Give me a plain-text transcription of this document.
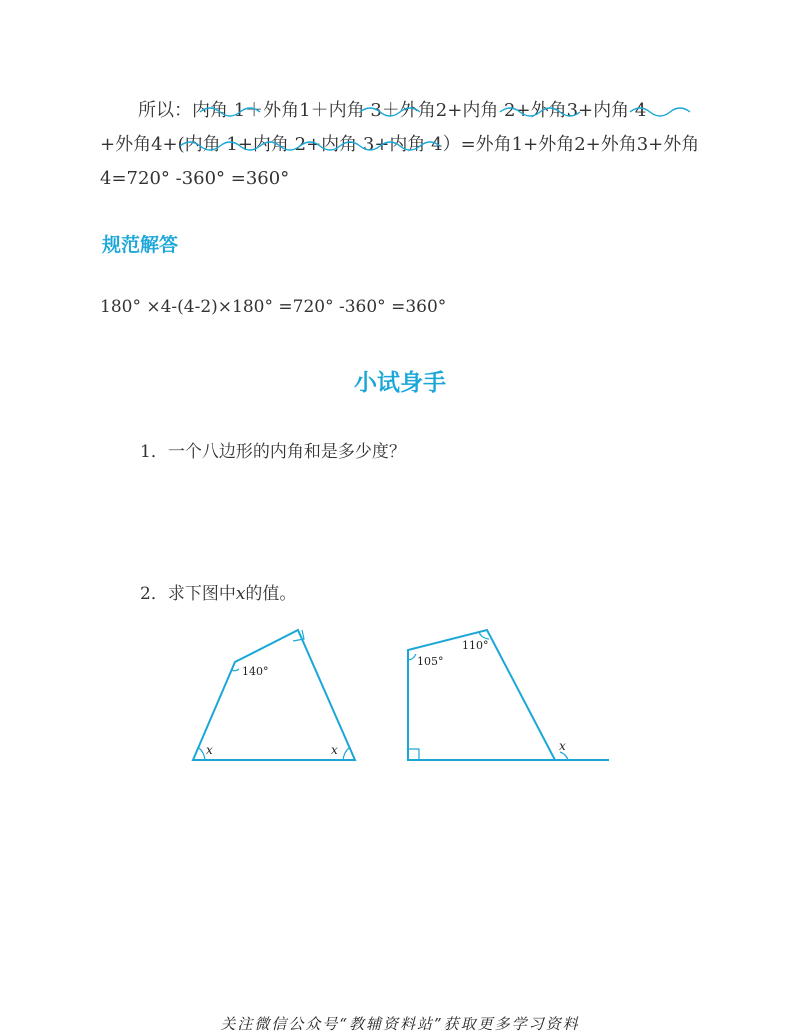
所以：内角 1＋外角1＋内角 3＋外角2+内角 2+外角3+内角 4
+外角4+(内角 1+内角 2+内角 3+内角 4）=外角1+外角2+外角3+外角
4=720° -360° =360°
规范解答
180° ×4-(4-2)×180° =720° -360° =360°
小试身手
1．一个八边形的内角和是多少度？
2．求下图中x的值。
140°
x	x
105°
110°
x
关注微信公众号“教辅资料站”获取更多学习资料
